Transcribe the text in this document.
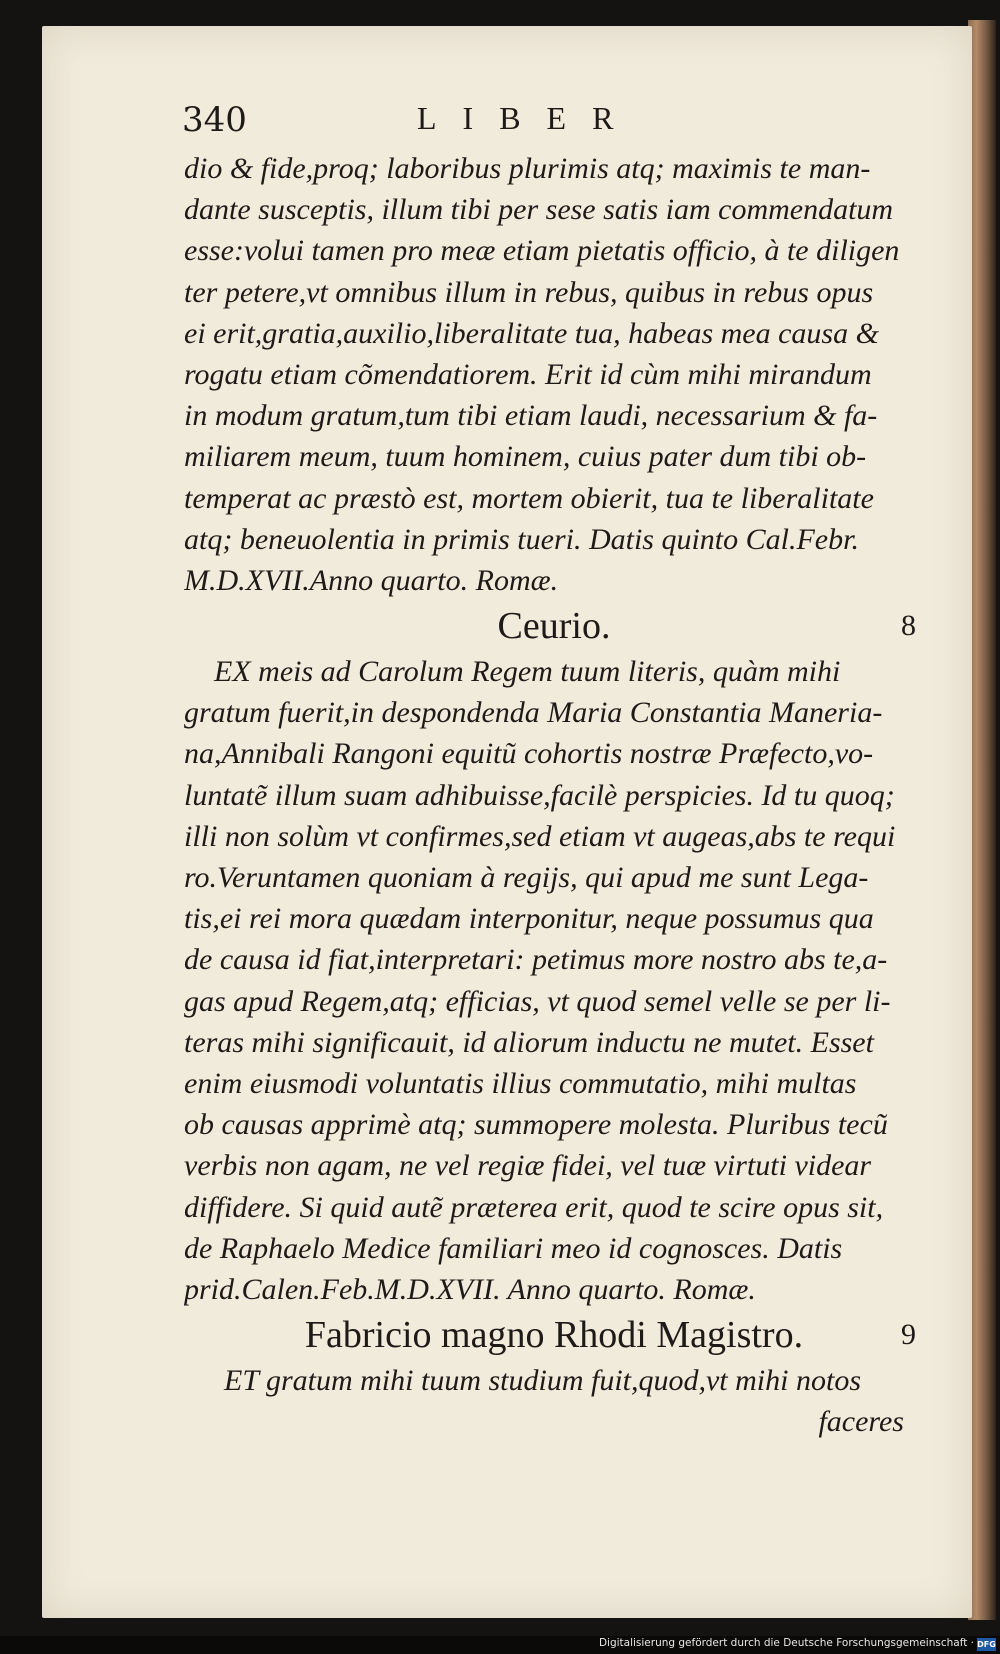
340	LIBER
dio & fide,proq; laboribus plurimis atq; maximis te man-
dante susceptis, illum tibi per sese satis iam commendatum
esse:volui tamen pro meæ etiam pietatis officio, à te diligen
ter petere,vt omnibus illum in rebus, quibus in rebus opus
ei erit,gratia,auxilio,liberalitate tua, habeas mea causa &
rogatu etiam cõmendatiorem. Erit id cùm mihi mirandum
in modum gratum,tum tibi etiam laudi, necessarium & fa-
miliarem meum, tuum hominem, cuius pater dum tibi ob-
temperat ac præstò est, mortem obierit, tua te liberalitate
atq; beneuolentia in primis tueri. Datis quinto Cal.Febr.
M.D.XVII.Anno quarto. Romæ.
Ceurio.	8
EX meis ad Carolum Regem tuum literis, quàm mihi
gratum fuerit,in despondenda Maria Constantia Maneria-
na,Annibali Rangoni equitũ cohortis nostræ Præfecto,vo-
luntatẽ illum suam adhibuisse,facilè perspicies. Id tu quoq;
illi non solùm vt confirmes,sed etiam vt augeas,abs te requi
ro.Veruntamen quoniam à regijs, qui apud me sunt Lega-
tis,ei rei mora quædam interponitur, neque possumus qua
de causa id fiat,interpretari: petimus more nostro abs te,a-
gas apud Regem,atq; efficias, vt quod semel velle se per li-
teras mihi significauit, id aliorum inductu ne mutet. Esset
enim eiusmodi voluntatis illius commutatio, mihi multas
ob causas apprimè atq; summopere molesta. Pluribus tecũ
verbis non agam, ne vel regiæ fidei, vel tuæ virtuti videar
diffidere. Si quid autẽ præterea erit, quod te scire opus sit,
de Raphaelo Medice familiari meo id cognosces. Datis
prid.Calen.Feb.M.D.XVII. Anno quarto. Romæ.
Fabricio magno Rhodi Magistro.	9
ET gratum mihi tuum studium fuit,quod,vt mihi notos
faceres
Digitalisierung gefördert durch die Deutsche Forschungsgemeinschaft · DFG
